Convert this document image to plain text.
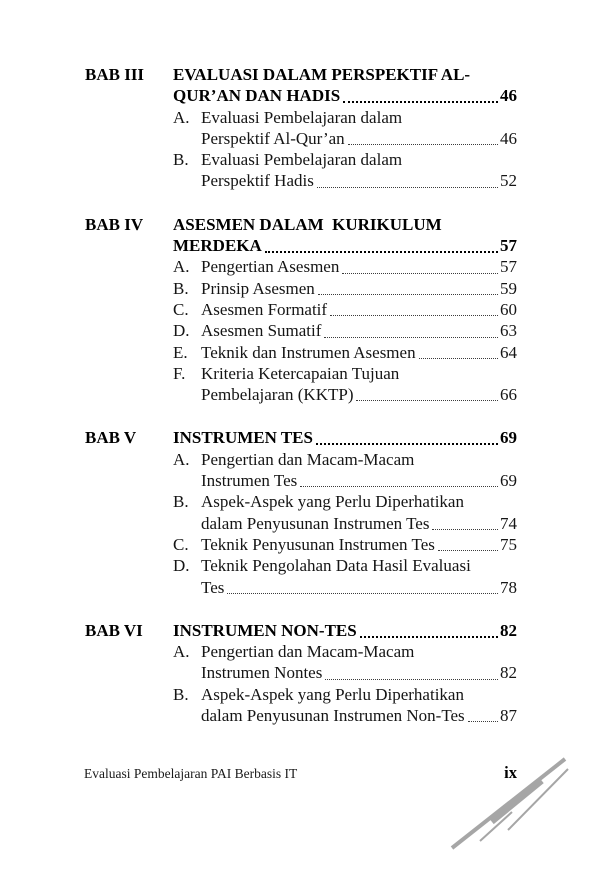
BAB III	EVALUASI DALAM PERSPEKTIF AL-
QUR’AN DAN HADIS	46
A. Evaluasi Pembelajaran dalam
Perspektif Al-Qur’an	46
B. Evaluasi Pembelajaran dalam
Perspektif Hadis	52
BAB IV	ASESMEN DALAM  KURIKULUM
MERDEKA	57
A. Pengertian Asesmen	57
B. Prinsip Asesmen	59
C. Asesmen Formatif	60
D. Asesmen Sumatif	63
E. Teknik dan Instrumen Asesmen	64
F. Kriteria Ketercapaian Tujuan
Pembelajaran (KKTP)	66
BAB V	INSTRUMEN TES	69
A. Pengertian dan Macam-Macam
Instrumen Tes	69
B. Aspek-Aspek yang Perlu Diperhatikan
dalam Penyusunan Instrumen Tes	74
C. Teknik Penyusunan Instrumen Tes	75
D. Teknik Pengolahan Data Hasil Evaluasi
Tes	78
BAB VI	INSTRUMEN NON-TES	82
A. Pengertian dan Macam-Macam
Instrumen Nontes	82
B. Aspek-Aspek yang Perlu Diperhatikan
dalam Penyusunan Instrumen Non-Tes 87
Evaluasi Pembelajaran PAI Berbasis IT	ix
